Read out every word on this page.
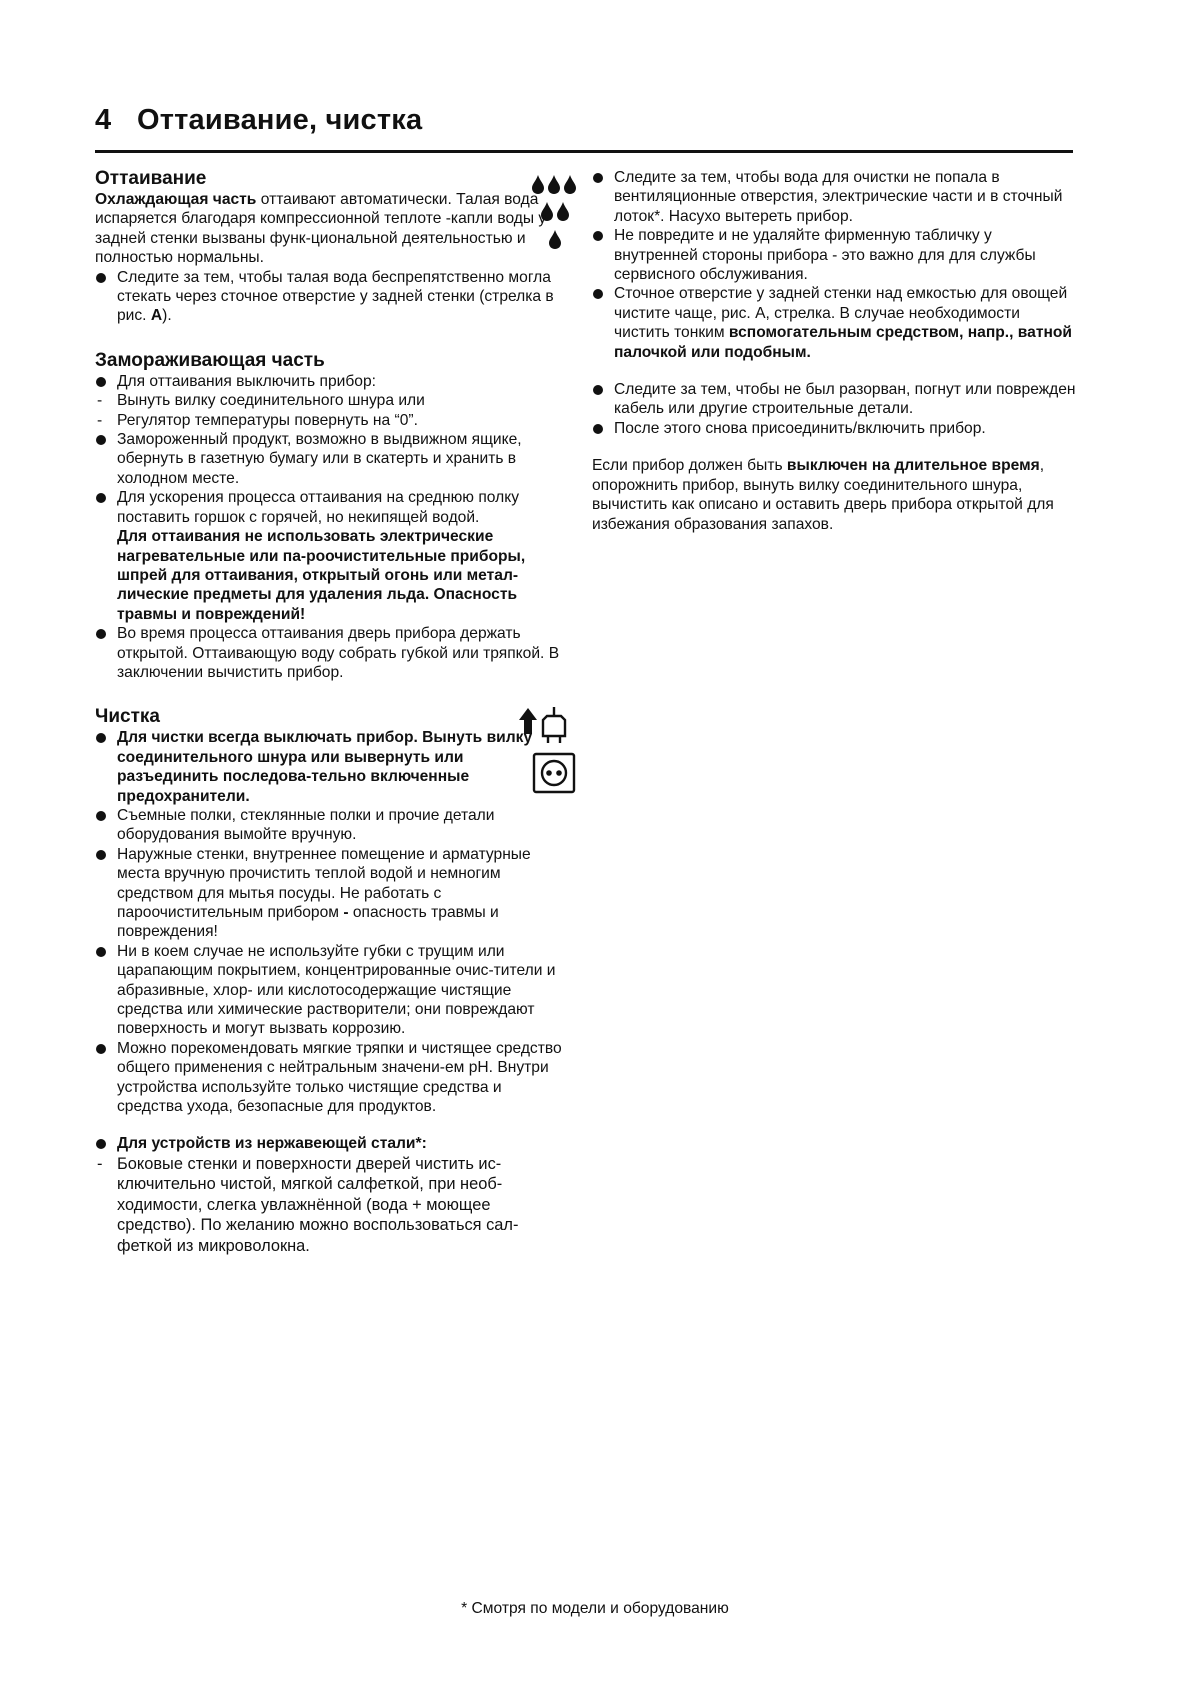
4 Оттаивание, чистка
Оттаивание

Охлаждающая часть оттаивают автоматически. Талая вода испаряется благодаря компрессионной теплоте -капли воды у задней стенки вызваны функ-циональной деятельностью и полностью нормальны.

Следите за тем, чтобы талая вода беспрепятственно могла стекать через сточное отверстие у задней стенки (стрелка в рис. A).
Замораживающая часть
Для оттаивания выключить прибор:
- Вынуть вилку соединительного шнура или
- Регулятор температуры повернуть на “0”.
Замороженный продукт, возможно в выдвижном ящике, обернуть в газетную бумагу или в скатерть и хранить в холодном месте.
Для ускорения процесса оттаивания на среднюю полку поставить горшок с горячей, но некипящей водой.
Для оттаивания не использовать электрические нагревательные или па-роочистительные приборы, шпрей для оттаивания, открытый огонь или метал-лические предметы для удаления льда. Опасность травмы и повреждений!
Во время процесса оттаивания дверь прибора держать открытой. Оттаивающую воду собрать губкой или тряпкой. В заключении вычистить прибор.
Чистка
Для чистки всегда выключать прибор. Вынуть вилку соединительного шнура или вывернуть или разъединить последова-тельно включенные предохранители.
Съемные полки, стеклянные полки и прочие детали оборудования вымойте вручную.
Наружные стенки, внутреннее помещение и арматурные места вручную прочистить теплой водой и немногим средством для мытья посуды. Не работать с пароочистительным прибором - опасность травмы и повреждения!
Ни в коем случае не используйте губки с трущим или царапающим покрытием, концентрированные очис-тители и абразивные, хлор- или кислотосодержащие чистящие средства или химические растворители; они повреждают поверхность и могут вызвать коррозию.
Можно порекомендовать мягкие тряпки и чистящее средство общего применения с нейтральным значени-ем pH. Внутри устройства используйте только чистящие средства и средства ухода, безопасные для продуктов.
Для устройств из нержавеющей стали*:
- Боковые стенки и поверхности дверей чистить ис-ключительно чистой, мягкой салфеткой, при необ-ходимости, слегка увлажнённой (вода + моющее средство). По желанию можно воспользоваться сал-феткой из микроволокна.
Следите за тем, чтобы вода для очистки не попала в вентиляционные отверстия, электрические части и в сточный лоток*. Насухо вытереть прибор.
Не повредите и не удаляйте фирменную табличку у внутренней стороны прибора - это важно для для службы сервисного обслуживания.
Сточное отверстие у задней стенки над емкостью для овощей чистите чаще, рис. А, стрелка. В случае необходимости чистить тонким вспомогательным средством, напр., ватной палочкой или подобным.
Следите за тем, чтобы не был разорван, погнут или поврежден кабель или другие строительные детали.
После этого снова присоединить/включить прибор.

Если прибор должен быть выключен на длительное время, опорожнить прибор, вынуть вилку соединительного шнура, вычистить как описано и оставить дверь прибора открытой для избежания образования запахов.

* Смотря по модели и оборудованию
